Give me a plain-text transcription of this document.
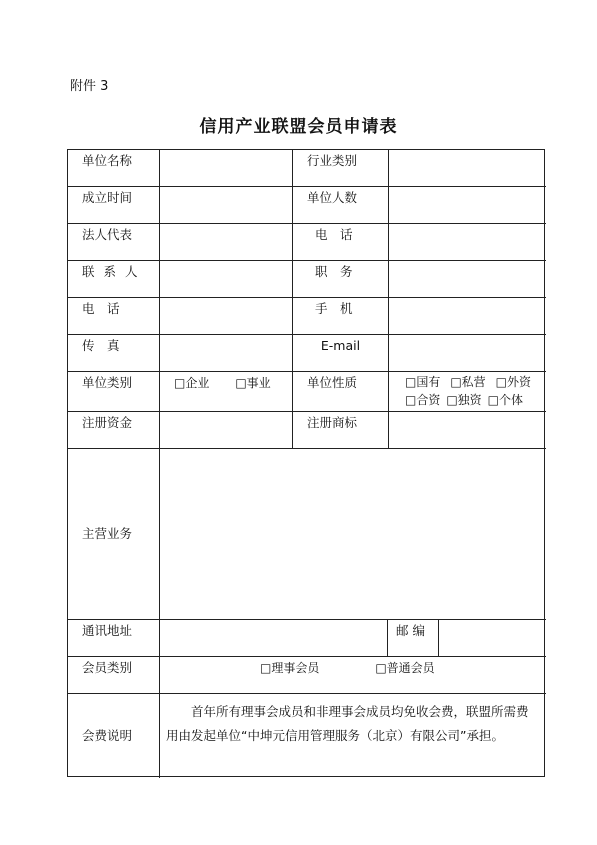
附件 3
信用产业联盟会员申请表
单位名称	行业类别
成立时间	单位人数
法人代表	电　话
联系人	职　务
电　话	手　机
传　真	E-mail
单位类别	□企业 □事业	单位性质	□国有 □私营 □外资
□合资 □独资 □个体
注册资金	注册商标
主营业务
通讯地址	邮 编
会员类别	□理事会员	□普通会员
会费说明
首年所有理事会成员和非理事会成员均免收会费，联盟所需费用由发起单位“中坤元信用管理服务（北京）有限公司”承担。
